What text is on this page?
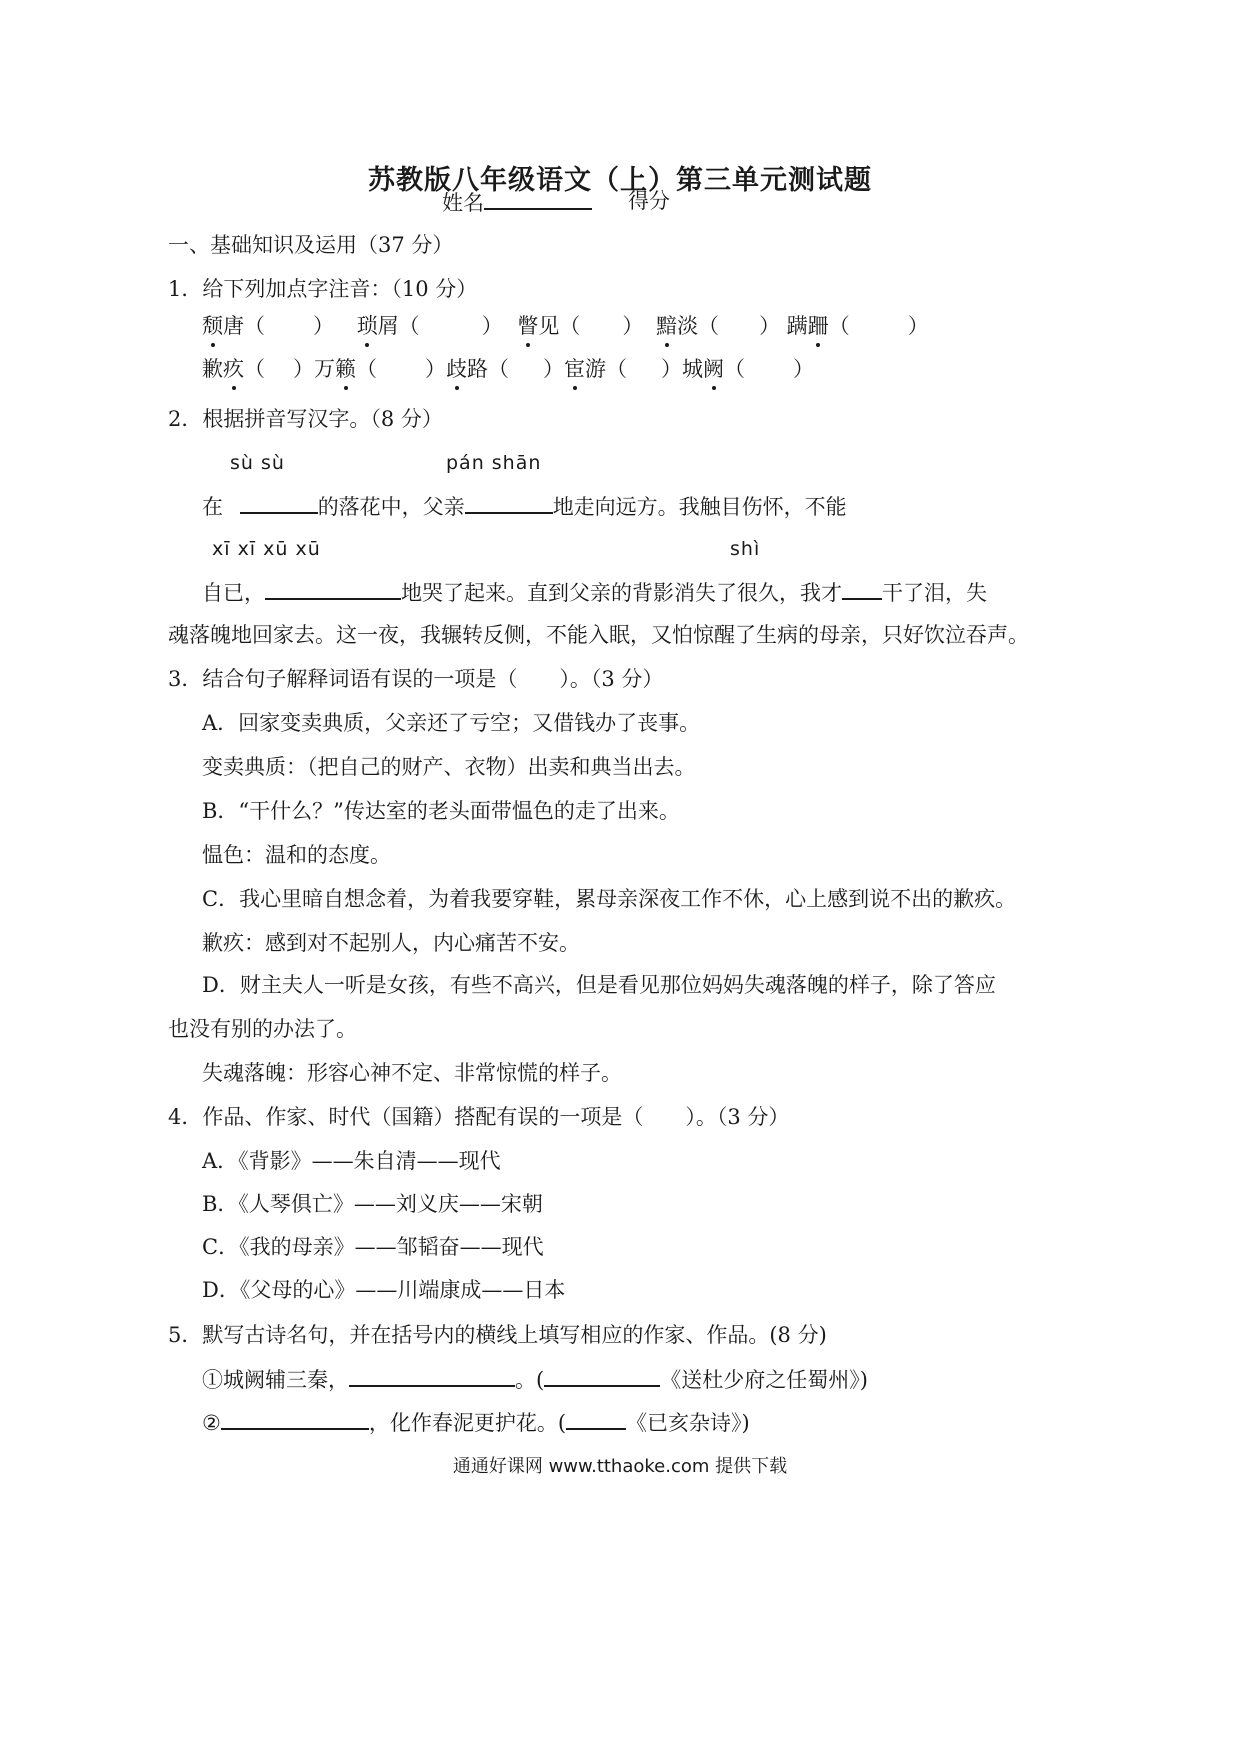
苏教版八年级语文（上）第三单元测试题
姓名	得分
一、基础知识及运用（37 分）
1．给下列加点字注音：（10 分）
颓唐（ ） 琐屑（	） 瞥见（ ） 黯淡（ ） 蹒跚（	）
歉疚（ ）万籁（ ）歧路（ ）宦游（ ）城阙（ ）
2．根据拼音写汉字。（8 分）
sù sù	pán shān
在	的落花中，父亲	地走向远方。我触目伤怀，不能
xī xī xū xū	shì
自已，	地哭了起来。直到父亲的背影消失了很久，我才 干了泪，失
魂落魄地回家去。这一夜，我辗转反侧，不能入眠，又怕惊醒了生病的母亲，只好饮泣吞声。
3．结合句子解释词语有误的一项是（　　）。（3 分）
A．回家变卖典质，父亲还了亏空；又借钱办了丧事。
变卖典质：（把自己的财产、衣物）出卖和典当出去。
B．“干什么？”传达室的老头面带愠色的走了出来。
愠色：温和的态度。
C．我心里暗自想念着，为着我要穿鞋，累母亲深夜工作不休，心上感到说不出的歉疚。
歉疚：感到对不起别人，内心痛苦不安。
D．财主夫人一听是女孩，有些不高兴，但是看见那位妈妈失魂落魄的样子，除了答应
也没有别的办法了。
失魂落魄：形容心神不定、非常惊慌的样子。
4．作品、作家、时代（国籍）搭配有误的一项是（　　）。（3 分）
A．《背影》——朱自清——现代
B．《人琴俱亡》——刘义庆——宋朝
C．《我的母亲》——邹韬奋——现代
D．《父母的心》——川端康成——日本
5．默写古诗名句，并在括号内的横线上填写相应的作家、作品。(8 分)
①城阙辅三秦，	。(	《送杜少府之任蜀州》)
②	，化作春泥更护花。(	《已亥杂诗》)
通通好课网 www.tthaoke.com 提供下载
